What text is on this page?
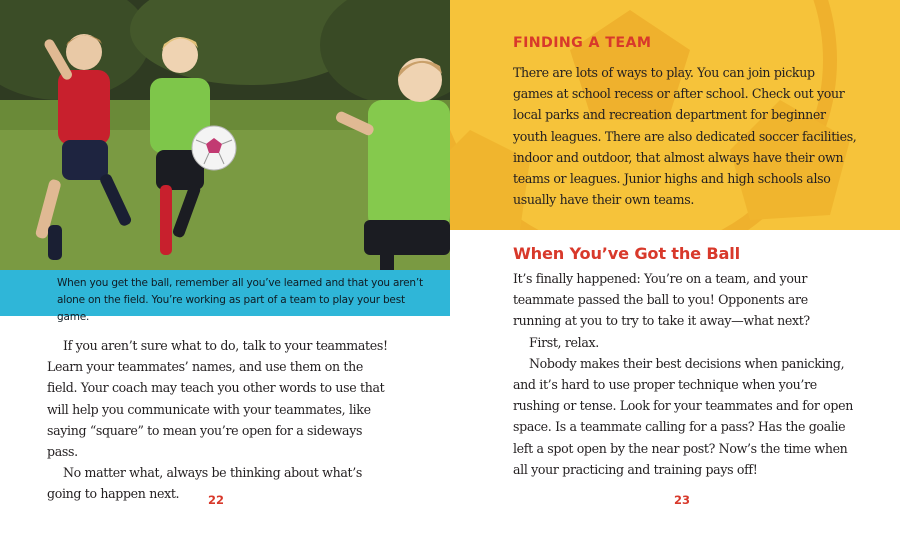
When you get the ball, remember all you’ve learned and that you aren’t
alone on the field. You’re working as part of a team to play your best game.

If you aren’t sure what to do, talk to your teammates! Learn your teammates’ names, and use them on the field. Your coach may teach you other words to use that will help you communicate with your teammates, like saying “square” to mean you’re open for a sideways pass.

No matter what, always be thinking about what’s going to happen next.	22
FINDING A TEAM
There are lots of ways to play. You can join pickup games at school recess or after school. Check out your local parks and recreation department for beginner youth leagues. There are also dedicated soccer facilities, indoor and outdoor, that almost always have their own teams or leagues. Junior highs and high schools also usually have their own teams.
When You’ve Got the Ball

It’s finally happened: You’re on a team, and your teammate passed the ball to you! Opponents are running at you to try to take it away—what next?

First, relax.

Nobody makes their best decisions when panicking, and it’s hard to use proper technique when you’re rushing or tense. Look for your teammates and for open space. Is a teammate calling for a pass? Has the goalie left a spot open by the near post? Now’s the time when all your practicing and training pays off!

23
